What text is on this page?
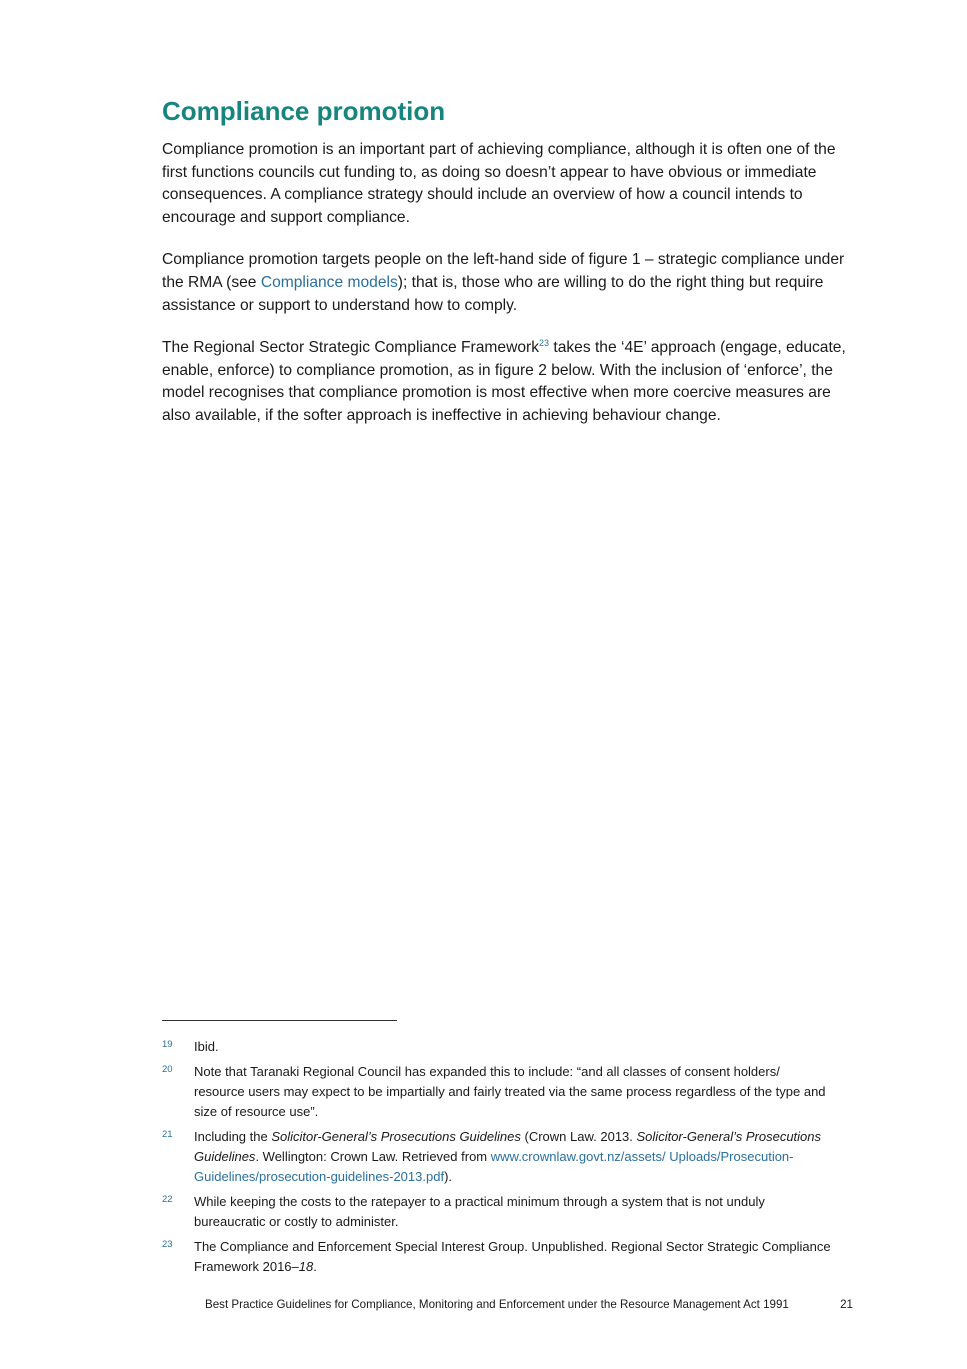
Compliance promotion

Compliance promotion is an important part of achieving compliance, although it is often one of the first functions councils cut funding to, as doing so doesn’t appear to have obvious or immediate consequences. A compliance strategy should include an overview of how a council intends to encourage and support compliance.

Compliance promotion targets people on the left-hand side of figure 1 – strategic compliance under the RMA (see Compliance models); that is, those who are willing to do the right thing but require assistance or support to understand how to comply.

The Regional Sector Strategic Compliance Framework$^{23}$ takes the ‘4E’ approach (engage, educate, enable, enforce) to compliance promotion, as in figure 2 below. With the inclusion of ‘enforce’, the model recognises that compliance promotion is most effective when more coercive measures are also available, if the softer approach is ineffective in achieving behaviour change.

19	Ibid.
20	Note that Taranaki Regional Council has expanded this to include: “and all classes of consent holders/ resource users may expect to be impartially and fairly treated via the same process regardless of the type and size of resource use”.
21	Including the Solicitor-General’s Prosecutions Guidelines (Crown Law. 2013. Solicitor-General’s Prosecutions Guidelines. Wellington: Crown Law. Retrieved from www.crownlaw.govt.nz/assets/ Uploads/Prosecution-Guidelines/prosecution-guidelines-2013.pdf).
22	While keeping the costs to the ratepayer to a practical minimum through a system that is not unduly bureaucratic or costly to administer.
23	The Compliance and Enforcement Special Interest Group. Unpublished. Regional Sector Strategic Compliance Framework 2016–18.
Best Practice Guidelines for Compliance, Monitoring and Enforcement under the Resource Management Act 1991	21
